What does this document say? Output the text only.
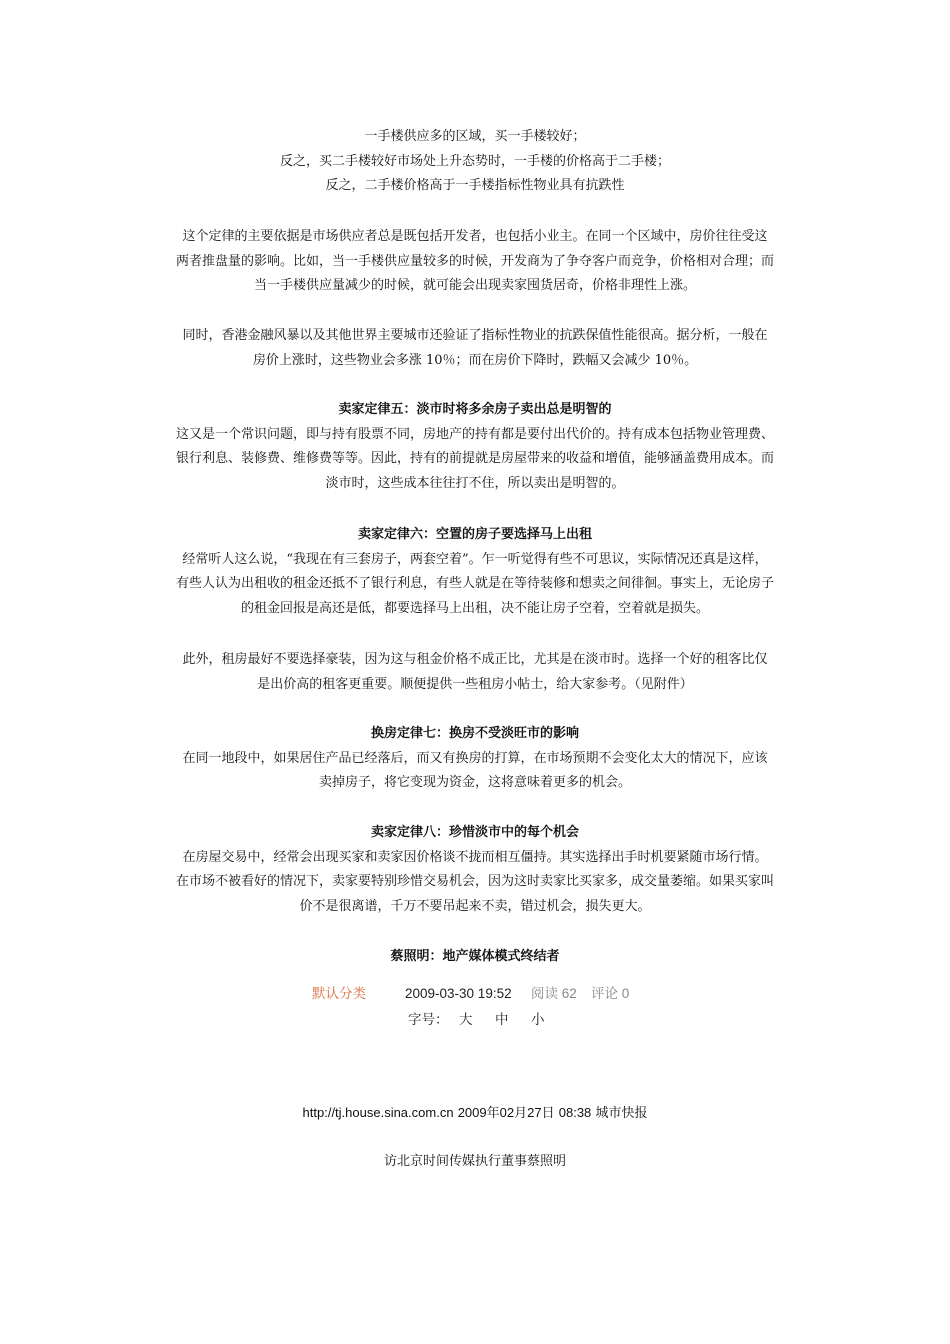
一手楼供应多的区域，买一手楼较好；

反之，买二手楼较好市场处上升态势时，一手楼的价格高于二手楼；

反之，二手楼价格高于一手楼指标性物业具有抗跌性

这个定律的主要依据是市场供应者总是既包括开发者，也包括小业主。在同一个区域中，房价往往受这

两者推盘量的影响。比如，当一手楼供应量较多的时候，开发商为了争夺客户而竞争，价格相对合理；而

当一手楼供应量减少的时候，就可能会出现卖家囤货居奇，价格非理性上涨。

同时，香港金融风暴以及其他世界主要城市还验证了指标性物业的抗跌保值性能很高。据分析，一般在

房价上涨时，这些物业会多涨 10％；而在房价下降时，跌幅又会减少 10％。

卖家定律五：淡市时将多余房子卖出总是明智的

这又是一个常识问题，即与持有股票不同，房地产的持有都是要付出代价的。持有成本包括物业管理费、

银行利息、装修费、维修费等等。因此，持有的前提就是房屋带来的收益和增值，能够涵盖费用成本。而

淡市时，这些成本往往打不住，所以卖出是明智的。

卖家定律六：空置的房子要选择马上出租

经常听人这么说，“我现在有三套房子，两套空着”。乍一听觉得有些不可思议，实际情况还真是这样，

有些人认为出租收的租金还抵不了银行利息，有些人就是在等待装修和想卖之间徘徊。事实上，无论房子

的租金回报是高还是低，都要选择马上出租，决不能让房子空着，空着就是损失。

此外，租房最好不要选择豪装，因为这与租金价格不成正比，尤其是在淡市时。选择一个好的租客比仅

是出价高的租客更重要。顺便提供一些租房小帖士，给大家参考。（见附件）

换房定律七：换房不受淡旺市的影响

在同一地段中，如果居住产品已经落后，而又有换房的打算，在市场预期不会变化太大的情况下，应该

卖掉房子，将它变现为资金，这将意味着更多的机会。

卖家定律八：珍惜淡市中的每个机会

在房屋交易中，经常会出现买家和卖家因价格谈不拢而相互僵持。其实选择出手时机要紧随市场行情。

在市场不被看好的情况下，卖家要特别珍惜交易机会，因为这时卖家比买家多，成交量萎缩。如果买家叫

价不是很离谱，千万不要吊起来不卖，错过机会，损失更大。

蔡照明：地产媒体模式终结者

默认分类	2009-03-30 19:52 阅读 62 评论 0
字号： 大 中 小
http://tj.house.sina.com.cn 2009年02月27日 08:38 城市快报
访北京时间传媒执行董事蔡照明
